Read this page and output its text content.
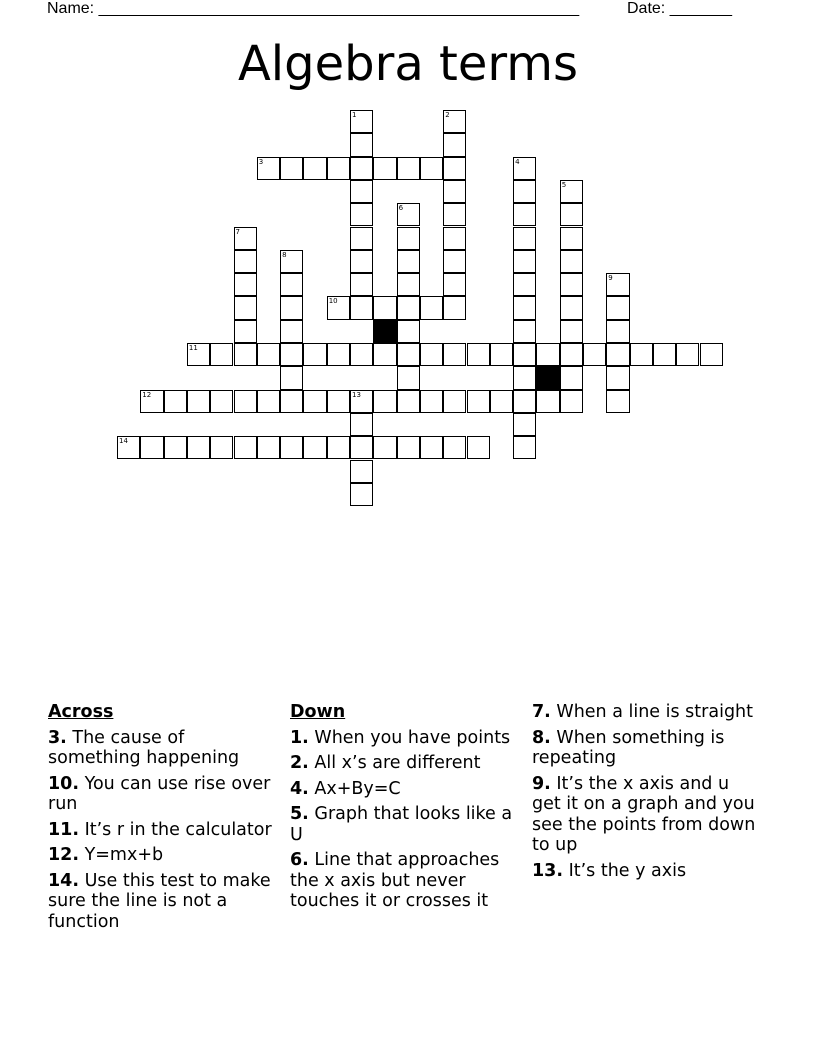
Name: ______________________________________________________	Date: _______
Algebra terms
1	2
3	4
5
6
7
8
9
10
11
12	13
14
Across
3. The cause of something happening
10. You can use rise over run
11. It’s r in the calculator
12. Y=mx+b
14. Use this test to make sure the line is not a function
Down
1. When you have points
2. All x’s are different
4. Ax+By=C
5. Graph that looks like a U
6. Line that approaches the x axis but never touches it or crosses it
7. When a line is straight
8. When something is repeating
9. It’s the x axis and u get it on a graph and you see the points from down to up
13. It’s the y axis
